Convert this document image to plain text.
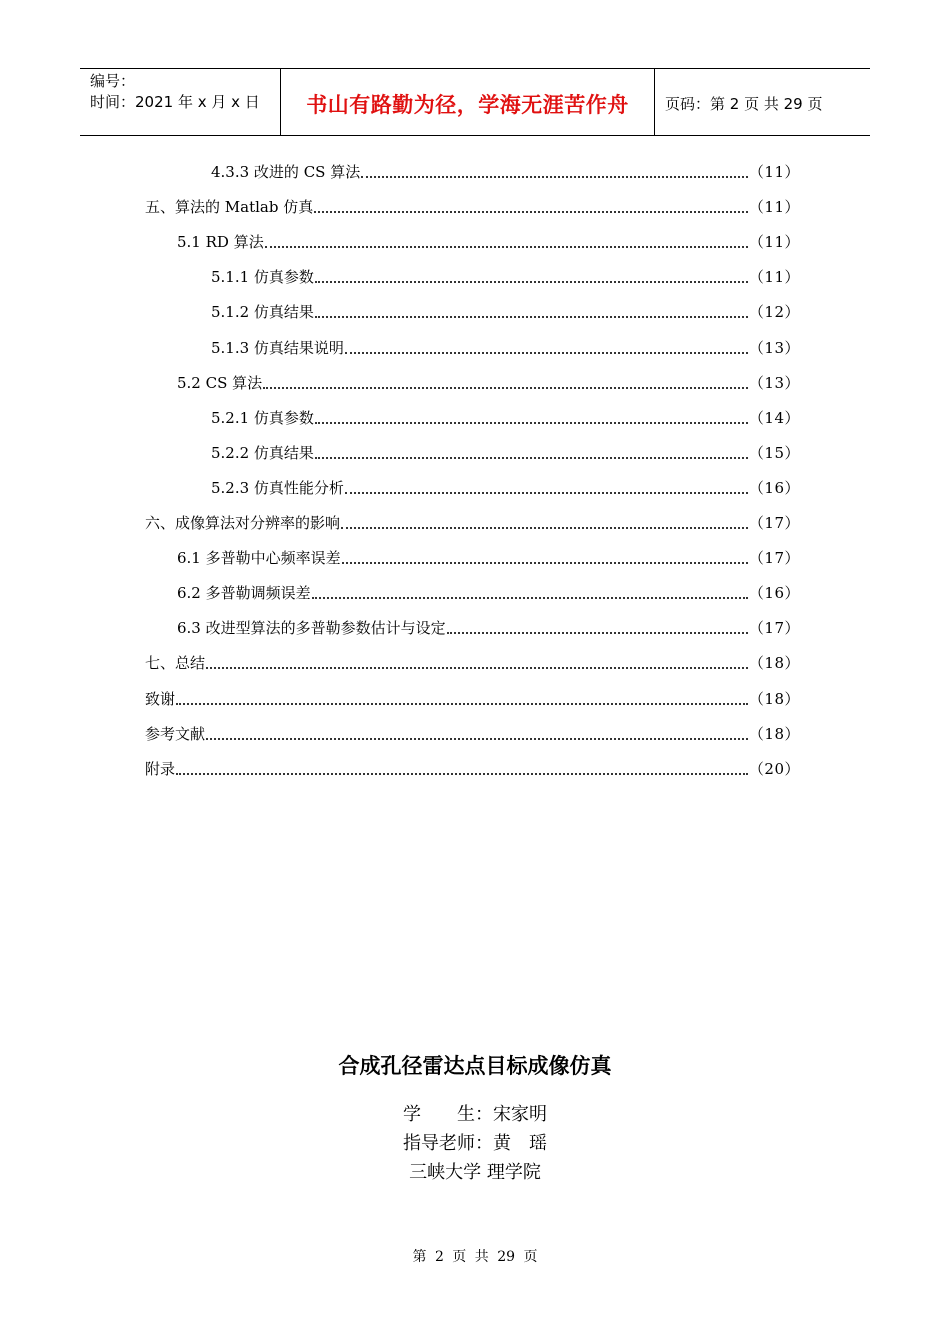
编号：
时间：2021 年 x 月 x 日	书山有路勤为径，学海无涯苦作舟	页码：第 2 页 共 29 页
4.3.3 改进的 CS 算法	（11）
五、算法的 Matlab 仿真	（11）
5.1 RD 算法	（11）
5.1.1 仿真参数	（11）
5.1.2 仿真结果	（12）
5.1.3 仿真结果说明	（13）
5.2 CS 算法	（13）
5.2.1 仿真参数	（14）
5.2.2 仿真结果	（15）
5.2.3 仿真性能分析	（16）
六、成像算法对分辨率的影响	（17）
6.1 多普勒中心频率误差	（17）
6.2 多普勒调频误差	（16）
6.3 改进型算法的多普勒参数估计与设定	（17）
七、总结	（18）
致谢	（18）
参考文献	（18）
附录	（20）
合成孔径雷达点目标成像仿真
学　　生：宋家明
指导老师：黄　瑶
三峡大学 理学院
第 2 页 共 29 页
